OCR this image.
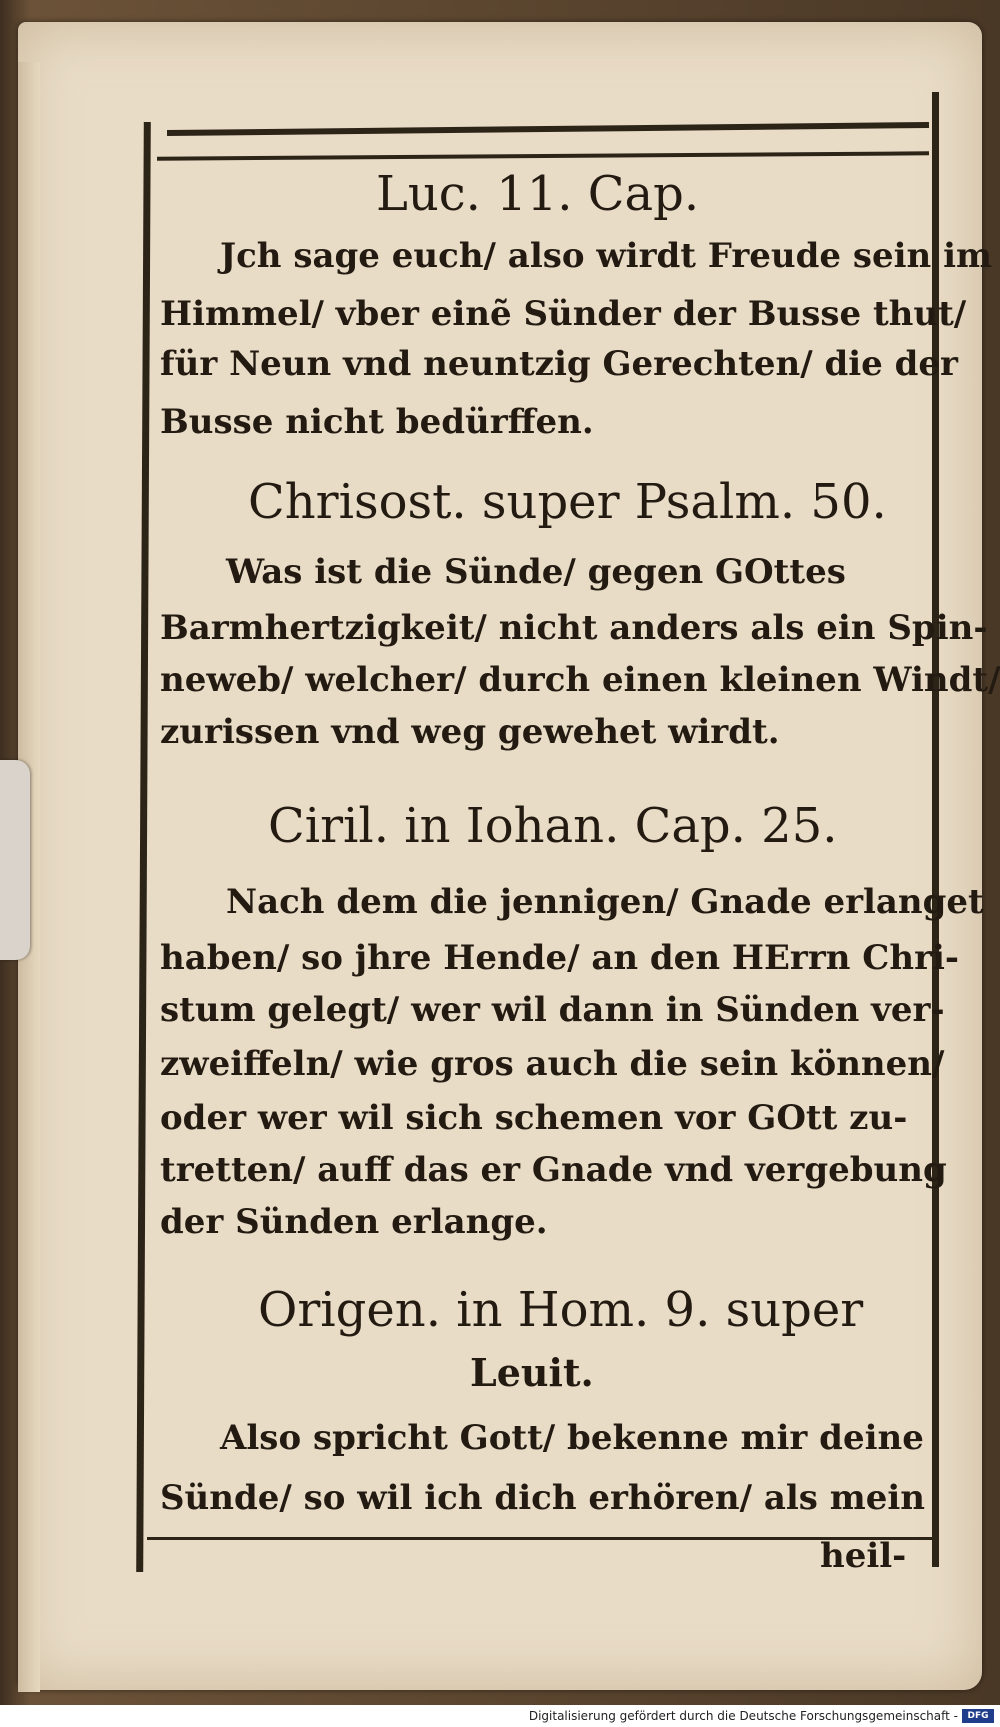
Luc. 11. Cap.
Jch sage euch/ also wirdt Freude sein im
Himmel/ vber einẽ Sünder der Busse thut/
für Neun vnd neuntzig Gerechten/ die der
Busse nicht bedürffen.
Chrisost. super Psalm. 50.
Was ist die Sünde/ gegen GOttes
Barmhertzigkeit/ nicht anders als ein Spin-
neweb/ welcher/ durch einen kleinen Windt/
zurissen vnd weg gewehet wirdt.
Ciril. in Iohan. Cap. 25.
Nach dem die jennigen/ Gnade erlanget
haben/ so jhre Hende/ an den HErrn Chri-
stum gelegt/ wer wil dann in Sünden ver-
zweiffeln/ wie gros auch die sein können/
oder wer wil sich schemen vor GOtt zu-
tretten/ auff das er Gnade vnd vergebung
der Sünden erlange.
Origen. in Hom. 9. super
Leuit.
Also spricht Gott/ bekenne mir deine
Sünde/ so wil ich dich erhören/ als mein
heil-
Digitalisierung gefördert durch die Deutsche Forschungsgemeinschaft -	DFG
